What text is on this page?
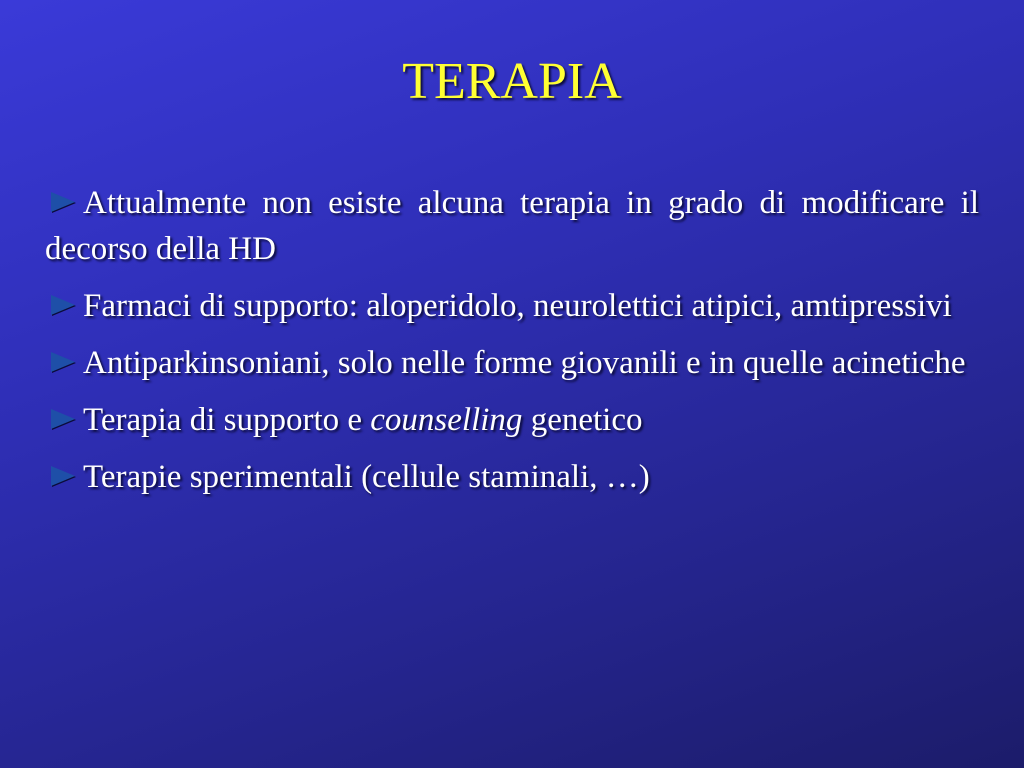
TERAPIA
Attualmente non esiste alcuna terapia in grado di modificare il decorso della HD
Farmaci di supporto: aloperidolo, neurolettici atipici, amtipressivi
Antiparkinsoniani, solo nelle forme giovanili e in quelle acinetiche
Terapia di supporto e counselling genetico
Terapie sperimentali (cellule staminali, …)
